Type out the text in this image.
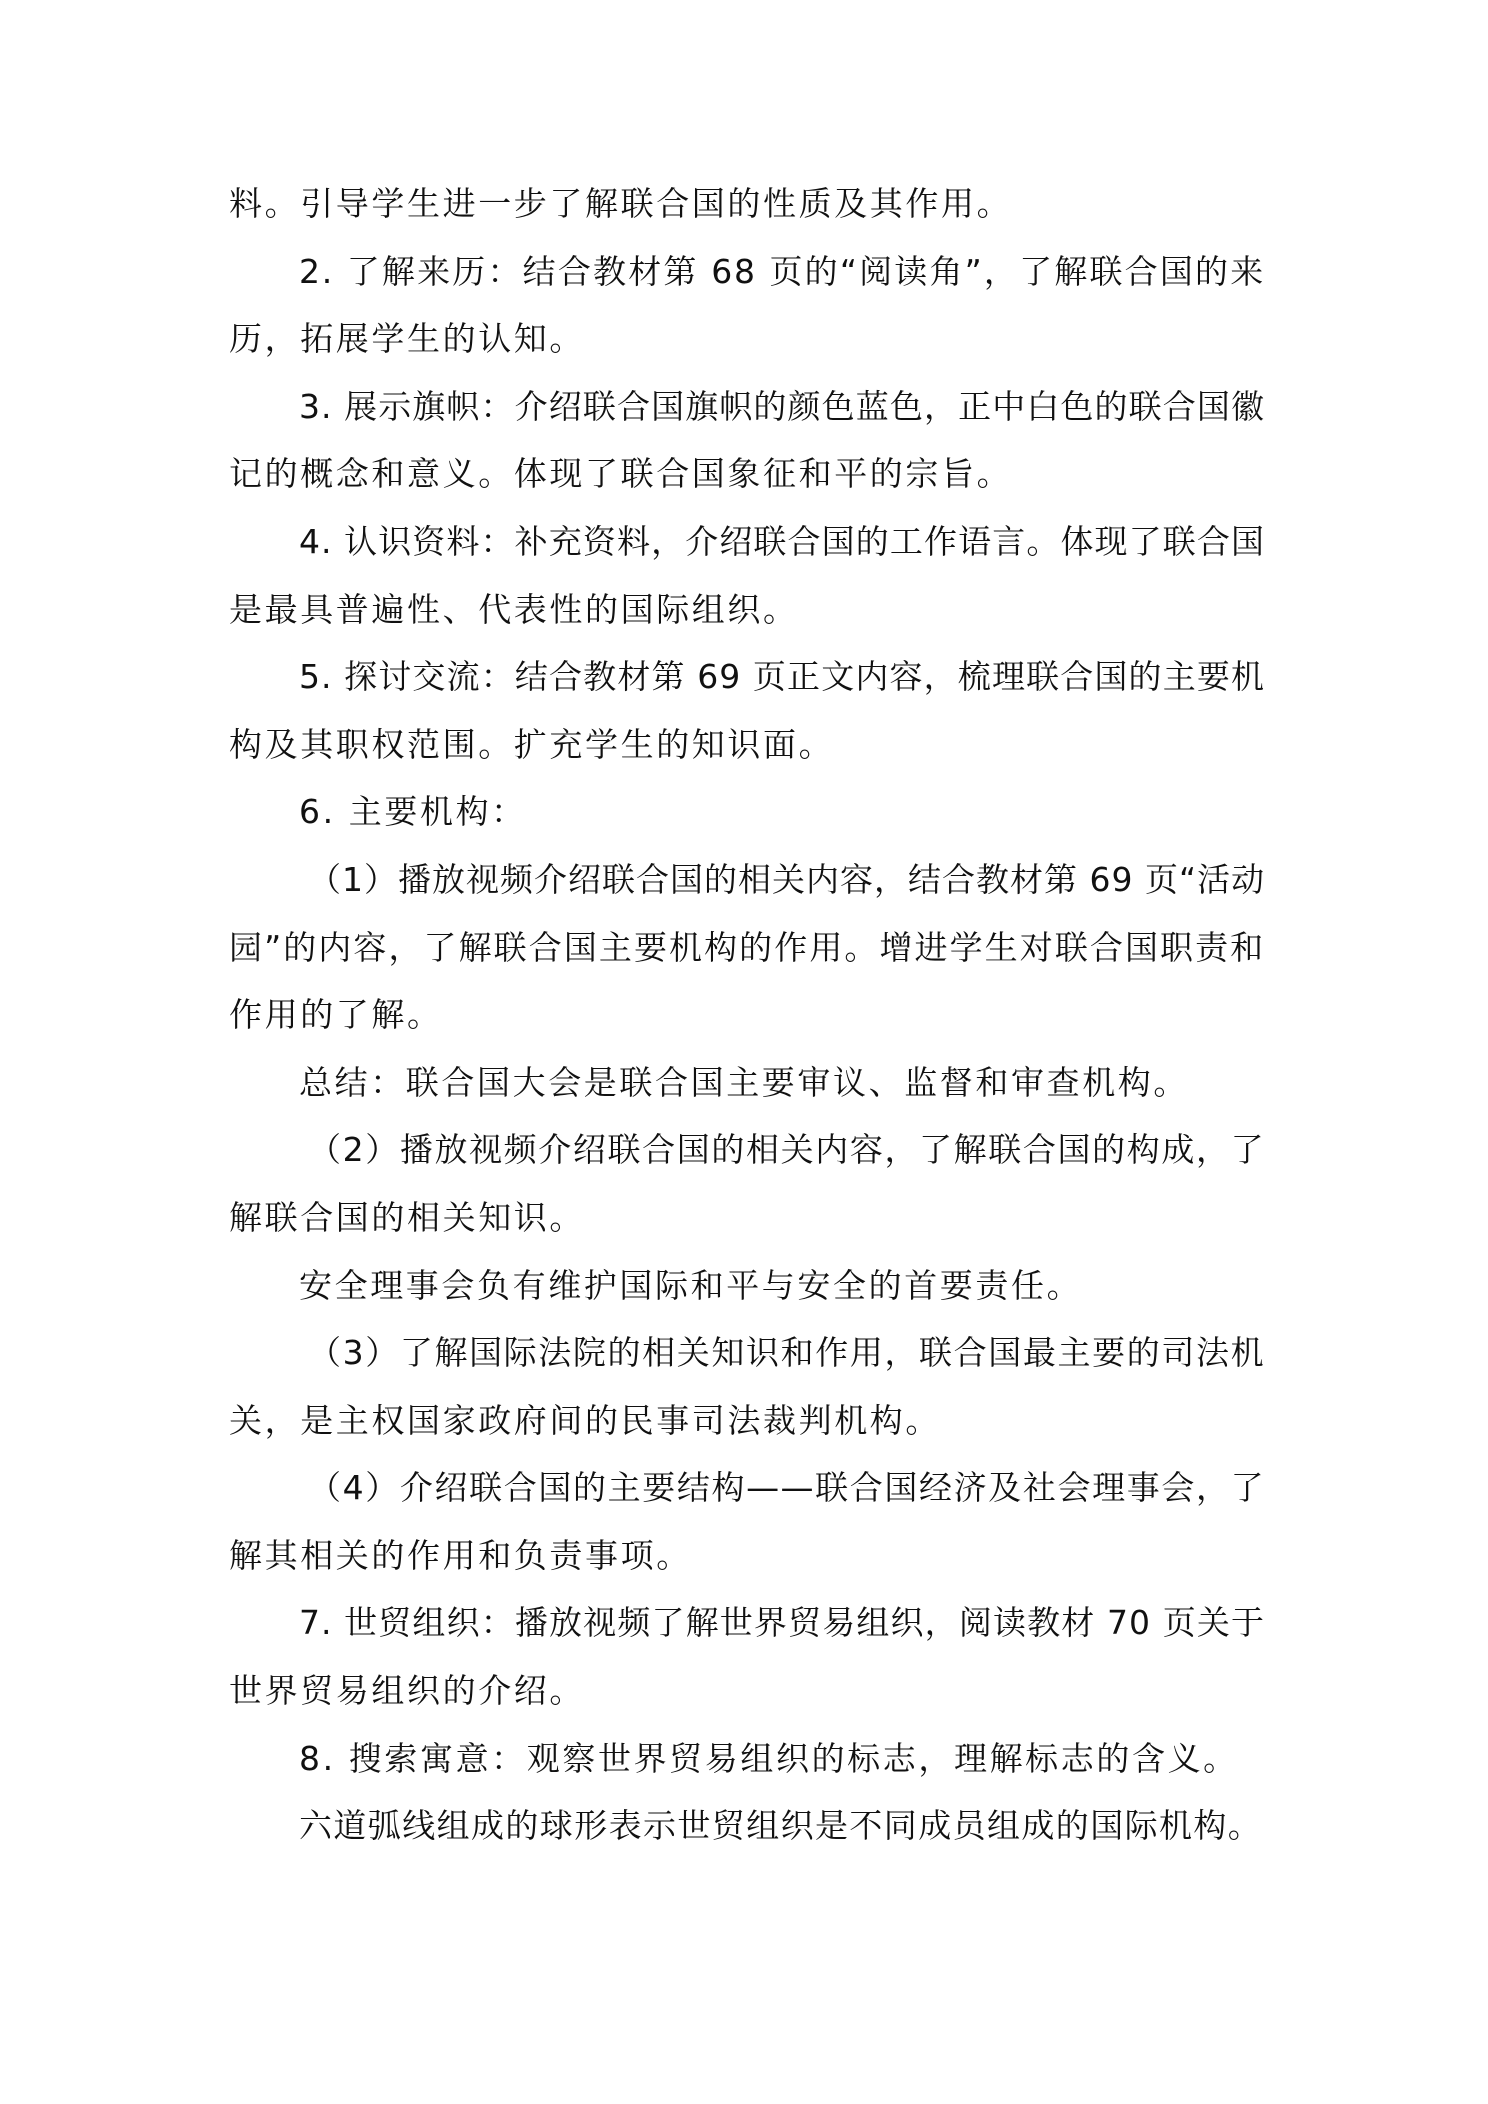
料。引导学生进一步了解联合国的性质及其作用。
2. 了解来历：结合教材第 68 页的“阅读角”，了解联合国的来
历，拓展学生的认知。
3. 展示旗帜：介绍联合国旗帜的颜色蓝色，正中白色的联合国徽
记的概念和意义。体现了联合国象征和平的宗旨。
4. 认识资料：补充资料，介绍联合国的工作语言。体现了联合国
是最具普遍性、代表性的国际组织。
5. 探讨交流：结合教材第 69 页正文内容，梳理联合国的主要机
构及其职权范围。扩充学生的知识面。
6. 主要机构：
（1）播放视频介绍联合国的相关内容，结合教材第 69 页“活动
园”的内容，了解联合国主要机构的作用。增进学生对联合国职责和
作用的了解。
总结：联合国大会是联合国主要审议、监督和审查机构。
（2）播放视频介绍联合国的相关内容，了解联合国的构成，了
解联合国的相关知识。
安全理事会负有维护国际和平与安全的首要责任。
（3）了解国际法院的相关知识和作用，联合国最主要的司法机
关，是主权国家政府间的民事司法裁判机构。
（4）介绍联合国的主要结构——联合国经济及社会理事会，了
解其相关的作用和负责事项。
7. 世贸组织：播放视频了解世界贸易组织，阅读教材 70 页关于
世界贸易组织的介绍。
8. 搜索寓意：观察世界贸易组织的标志，理解标志的含义。
六道弧线组成的球形表示世贸组织是不同成员组成的国际机构。
